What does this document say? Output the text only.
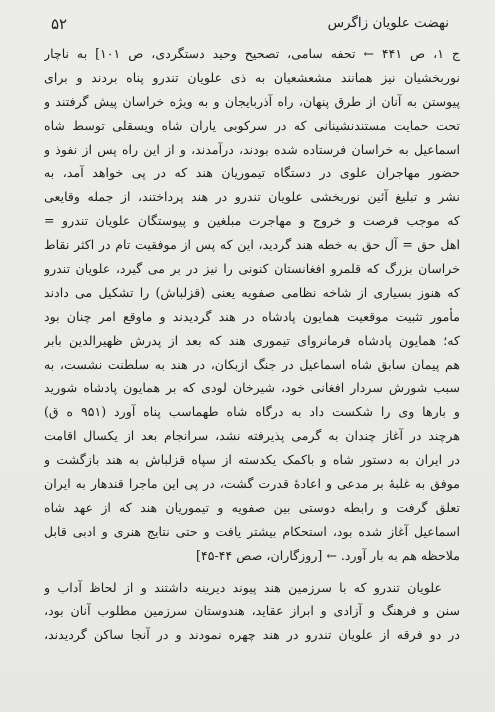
۵۲	نهضت علویان زاگرس
ج ۱، ص ۴۴۱ ← تحفه سامی، تصحیح وحید دستگردی، ص ۱۰۱] به ناچار
نوربخشیان نیز همانند مشعشعیان به ذی علویان تندرو پناه بردند و برای
پیوستن به آنان از طرق پنهان، راه آذربایجان و به ویژه خراسان پیش گرفتند و
تحت حمایت مستندنشینانی که در سرکوبی یاران شاه ویسقلی توسط شاه
اسماعیل به خراسان فرستاده شده بودند، درآمدند، و از این راه پس از نفوذ و
حضور مهاجران علوی در دستگاه تیموریان هند که در پی خواهد آمد، به
نشر و تبلیغ آئین نوربخشی علویان تندرو در هند پرداختند، از جمله وقایعی
که موجب فرصت و خروج و مهاجرت مبلغین و پیوستگان علویان تندرو =
اهل حق = آل حق به خطه هند گردید، این که پس از موفقیت تام در اکثر نقاط
خراسان بزرگ که قلمرو افغانستان کنونی را نیز در بر می گیرد، علویان تندرو
که هنوز بسیاری از شاخه نظامی صفویه یعنی (قزلباش) را تشکیل می دادند
مأمور تثبیت موقعیت همایون پادشاه در هند گردیدند و ماوقع امر چنان بود
که؛ همایون پادشاه فرمانروای تیموری هند که بعد از پدرش ظهیرالدین بابر
هم پیمان سابق شاه اسماعیل در جنگ ازبکان، در هند به سلطنت نشست، به
سبب شورش سردار افغانی خود، شیرخان لودی که بر همایون پادشاه شورید
و بارها وی را شکست داد به درگاه شاه طهماسب پناه آورد (۹۵۱ ه ق)
هرچند در آغاز چندان به گرمی پذیرفته نشد، سرانجام بعد از یکسال اقامت
در ایران به دستور شاه و باکمک یکدسته از سپاه قزلباش به هند بازگشت و
موفق به غلبهٔ بر مدعی و اعادهٔ قدرت گشت، در پی این ماجرا قندهار به ایران
تعلق گرفت و رابطه دوستی بین صفویه و تیموریان هند که از عهد شاه
اسماعیل آغاز شده بود، استحکام بیشتر یافت و حتی نتایج هنری و ادبی قابل
ملاحظه هم به بار آورد. ← [روزگاران، صص ۴۴-۴۵]
علویان تندرو که با سرزمین هند پیوند دیرینه داشتند و از لحاظ آداب و
سنن و فرهنگ و آزادی و ابراز عقاید، هندوستان سرزمین مطلوب آنان بود،
در دو فرقه از علویان تندرو در هند چهره نمودند و در آنجا ساکن گردیدند،
